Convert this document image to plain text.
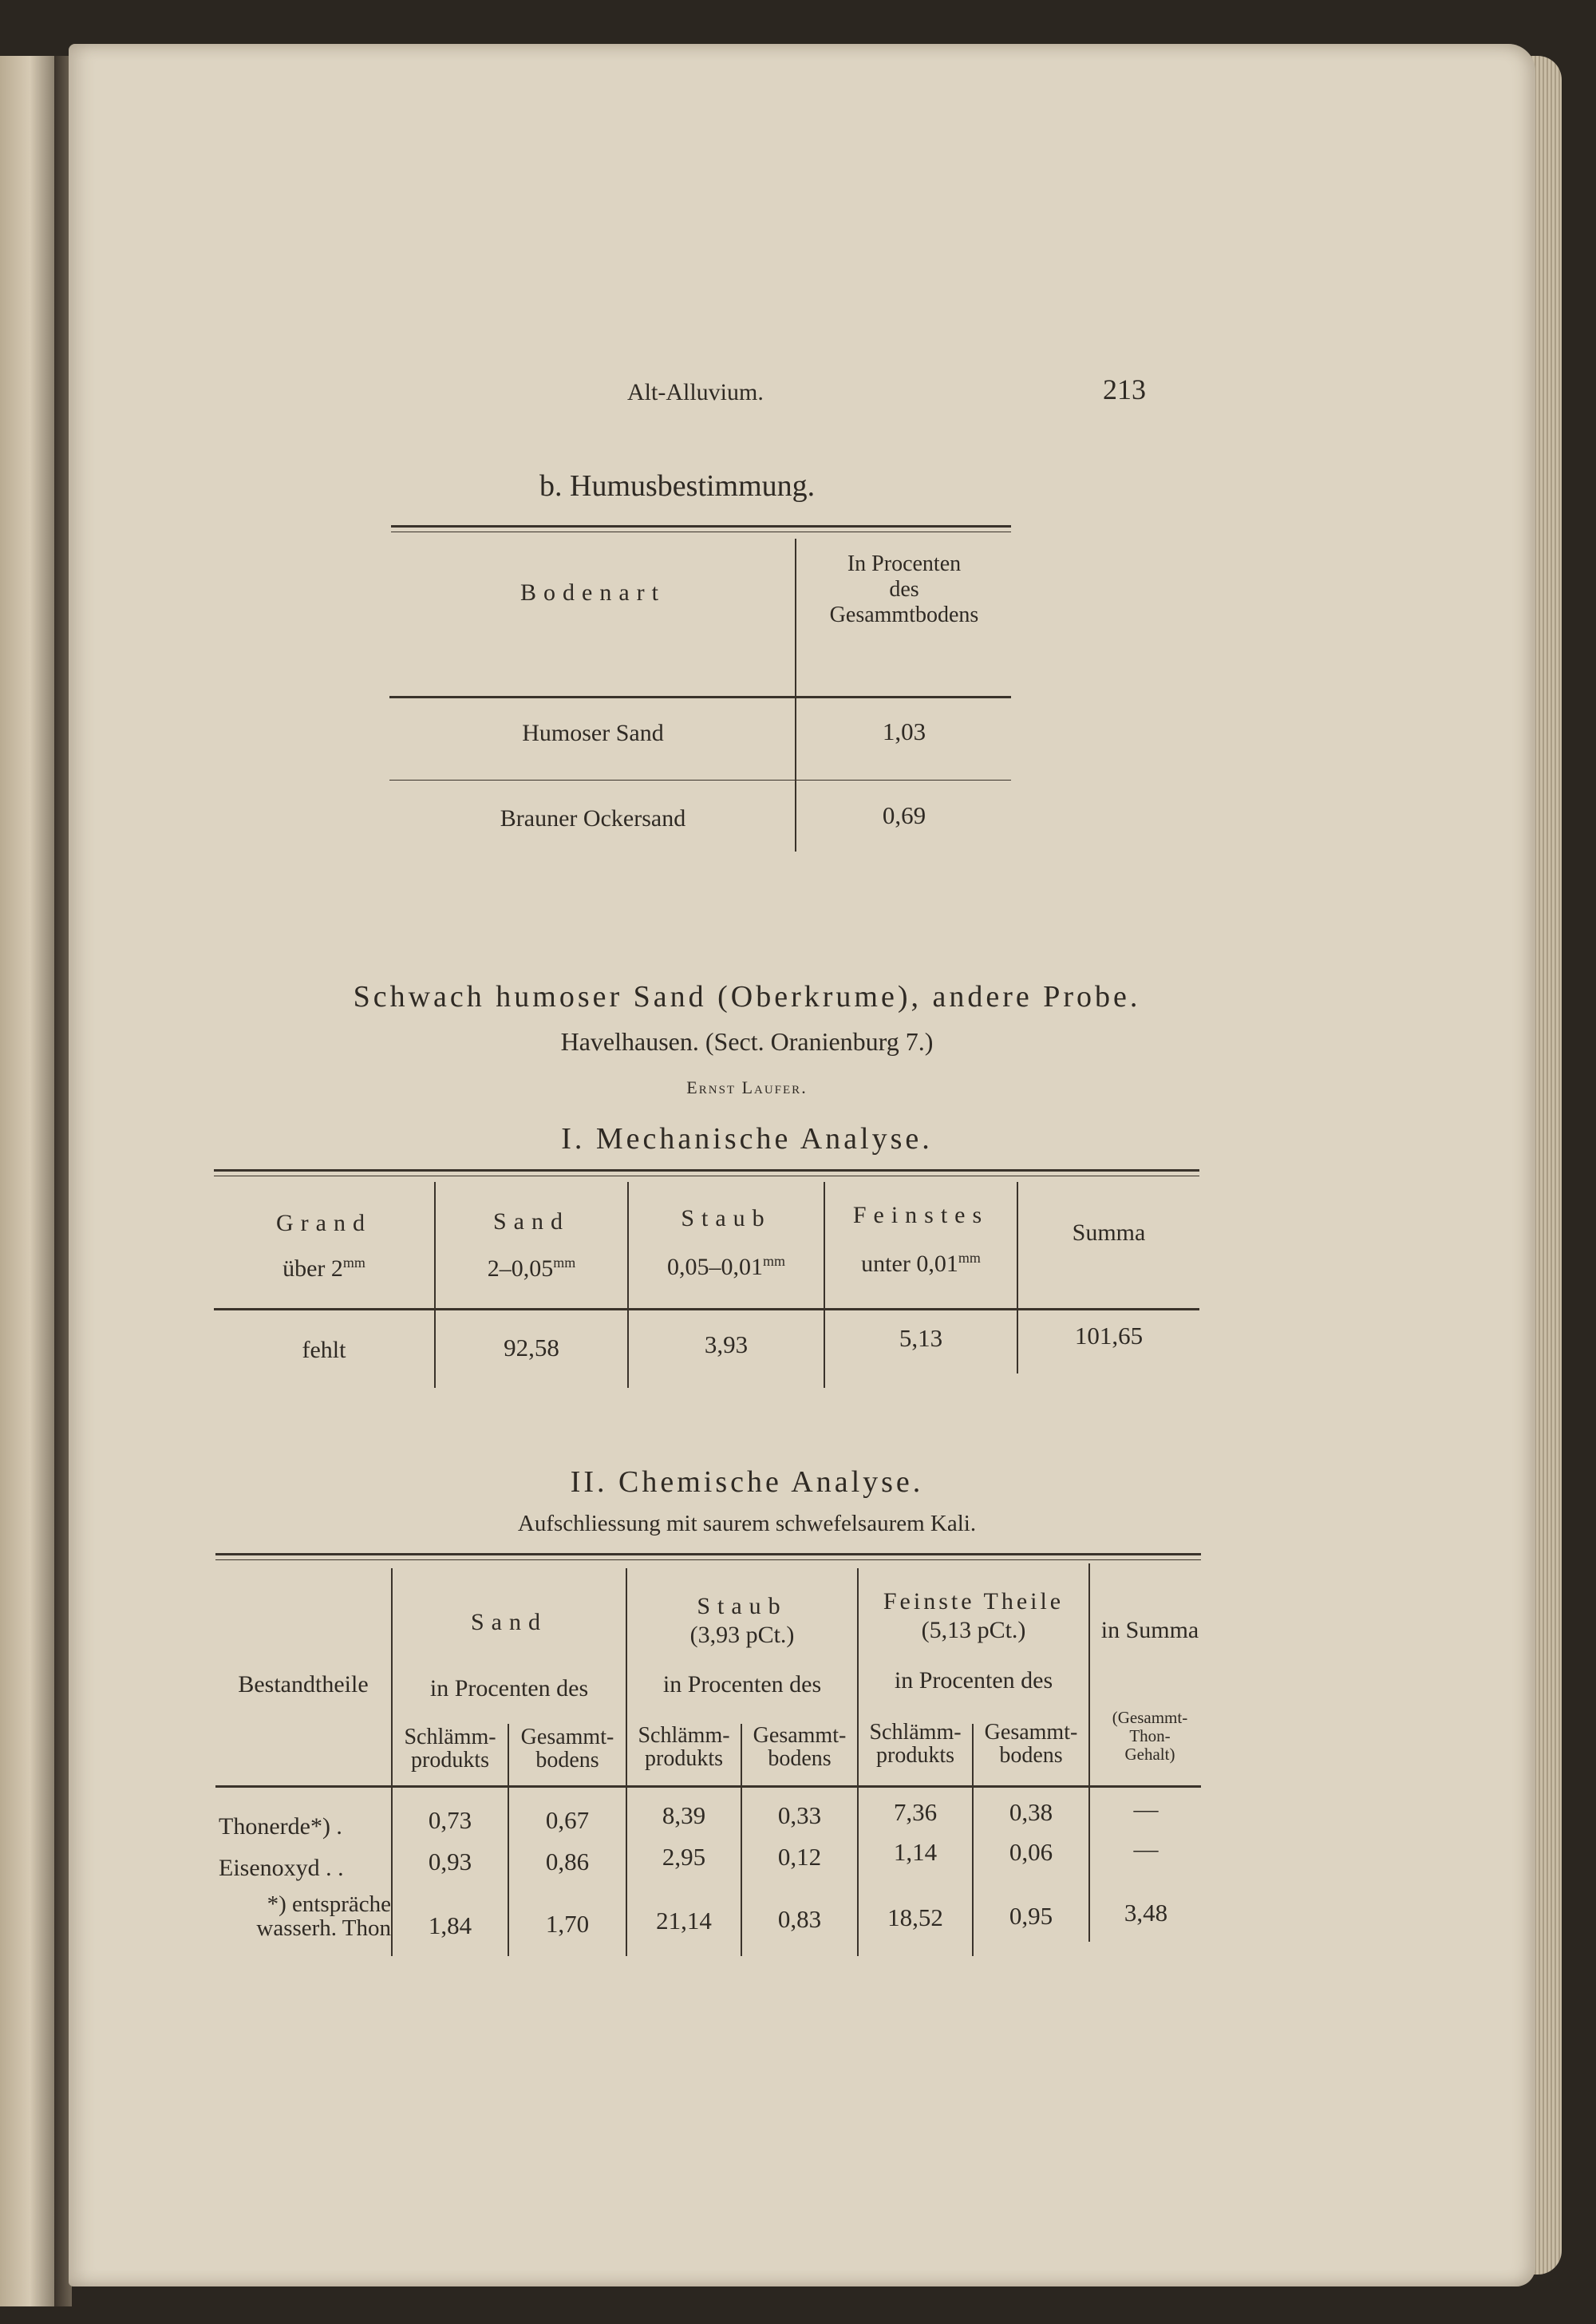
Alt-Alluvium.	213
b. Humusbestimmung.
Bodenart
In Procenten
des
Gesammtbodens
Humoser Sand	1,03
Brauner Ockersand	0,69
Schwach humoser Sand (Oberkrume), andere Probe.
Havelhausen. (Sect. Oranienburg 7.)
Ernst Laufer.
I. Mechanische Analyse.
Grand
über $2^{mm}$
Sand
$2-0,05^{mm}$
Staub
$0,05-0,01^{mm}$
Feinstes
unter $0,01^{mm}$
Summa
fehlt	92,58	3,93	5,13	101,65
II. Chemische Analyse.
Aufschliessung mit saurem schwefelsaurem Kali.
Bestandtheile
Sand
in Procenten des
Staub
(3,93 pCt.)
in Procenten des
Feinste Theile
(5,13 pCt.)
in Procenten des
in Summa
(Gesammt-
Thon-
Gehalt)
Schlämm-
produkts
Gesammt-
bodens
Schlämm-
produkts
Gesammt-
bodens
Schlämm-
produkts
Gesammt-
bodens
Thonerde*) .	0,73	0,67	8,39	0,33	7,36	0,38	—
Eisenoxyd . .	0,93	0,86	2,95	0,12	1,14	0,06	—
*) entspräche
wasserh. Thon	1,84	1,70	21,14	0,83	18,52	0,95	3,48
